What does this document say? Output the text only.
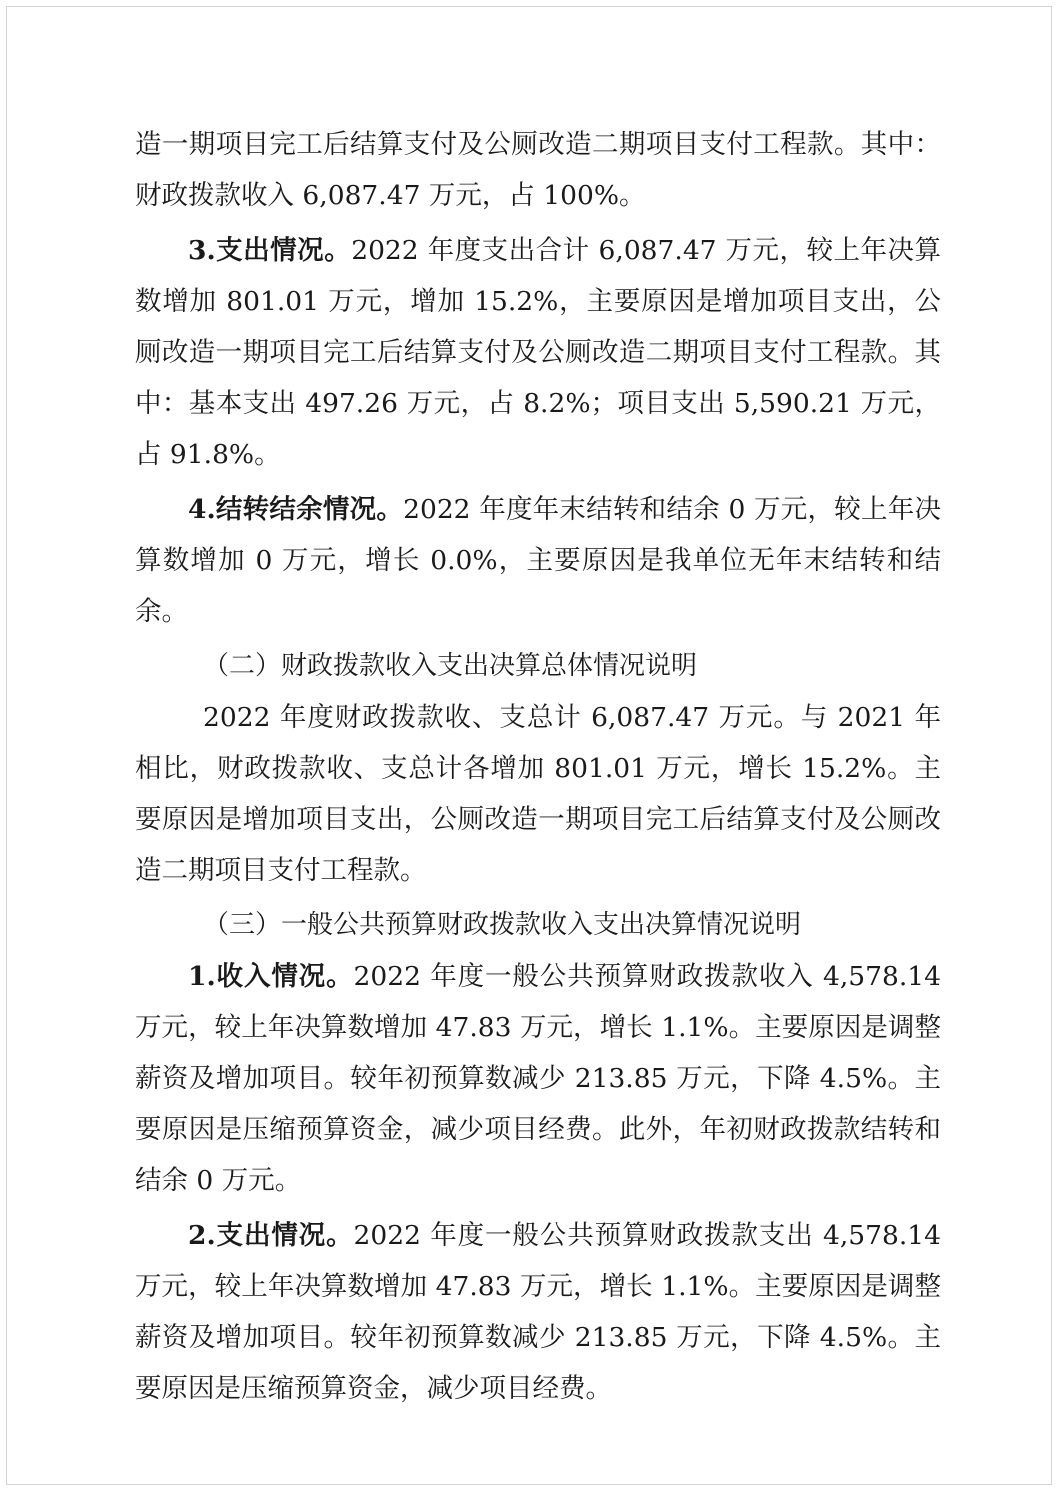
造一期项目完工后结算支付及公厕改造二期项目支付工程款。其中：财政拨款收入 6,087.47 万元，占 100%。

3.支出情况。2022 年度支出合计 6,087.47 万元，较上年决算数增加 801.01 万元，增加 15.2%，主要原因是增加项目支出，公厕改造一期项目完工后结算支付及公厕改造二期项目支付工程款。其中：基本支出 497.26 万元，占 8.2%；项目支出 5,590.21 万元，占 91.8%。

4.结转结余情况。2022 年度年末结转和结余 0 万元，较上年决算数增加 0 万元，增长 0.0%，主要原因是我单位无年末结转和结余。

（二）财政拨款收入支出决算总体情况说明

2022 年度财政拨款收、支总计 6,087.47 万元。与 2021 年相比，财政拨款收、支总计各增加 801.01 万元，增长 15.2%。主要原因是增加项目支出，公厕改造一期项目完工后结算支付及公厕改造二期项目支付工程款。

（三）一般公共预算财政拨款收入支出决算情况说明

1.收入情况。2022 年度一般公共预算财政拨款收入 4,578.14 万元，较上年决算数增加 47.83 万元，增长 1.1%。主要原因是调整薪资及增加项目。较年初预算数减少 213.85 万元，下降 4.5%。主要原因是压缩预算资金，减少项目经费。此外，年初财政拨款结转和结余 0 万元。

2.支出情况。2022 年度一般公共预算财政拨款支出 4,578.14 万元，较上年决算数增加 47.83 万元，增长 1.1%。主要原因是调整薪资及增加项目。较年初预算数减少 213.85 万元，下降 4.5%。主要原因是压缩预算资金，减少项目经费。
